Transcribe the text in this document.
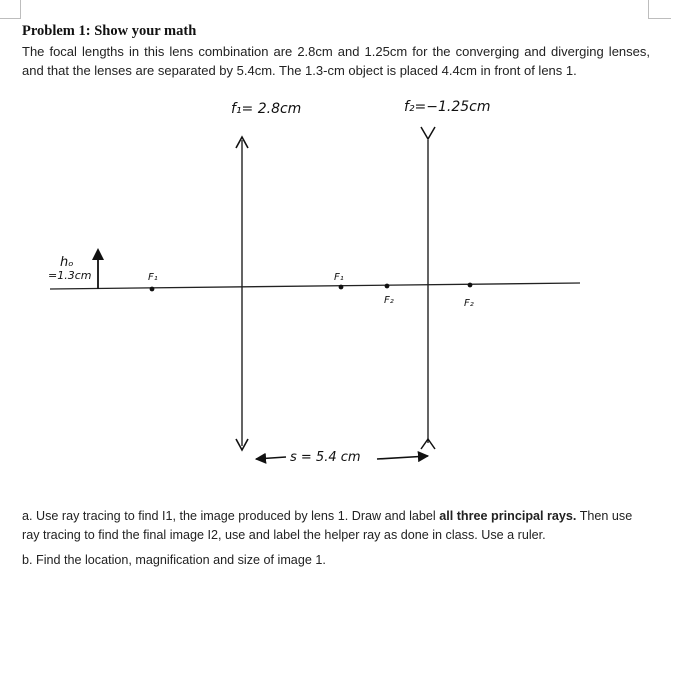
Problem 1: Show your math
The focal lengths in this lens combination are 2.8cm and 1.25cm for the converging and diverging lenses, and that the lenses are separated by 5.4cm. The 1.3-cm object is placed 4.4cm in front of lens 1.
f₁= 2.8cm	f₂=−1.25cm
hₒ
=1.3cm	F₁	F₁
F₂	F₂
s = 5.4 cm
a. Use ray tracing to find I1, the image produced by lens 1. Draw and label all three principal rays. Then use ray tracing to find the final image I2, use and label the helper ray as done in class. Use a ruler.
b. Find the location, magnification and size of image 1.
